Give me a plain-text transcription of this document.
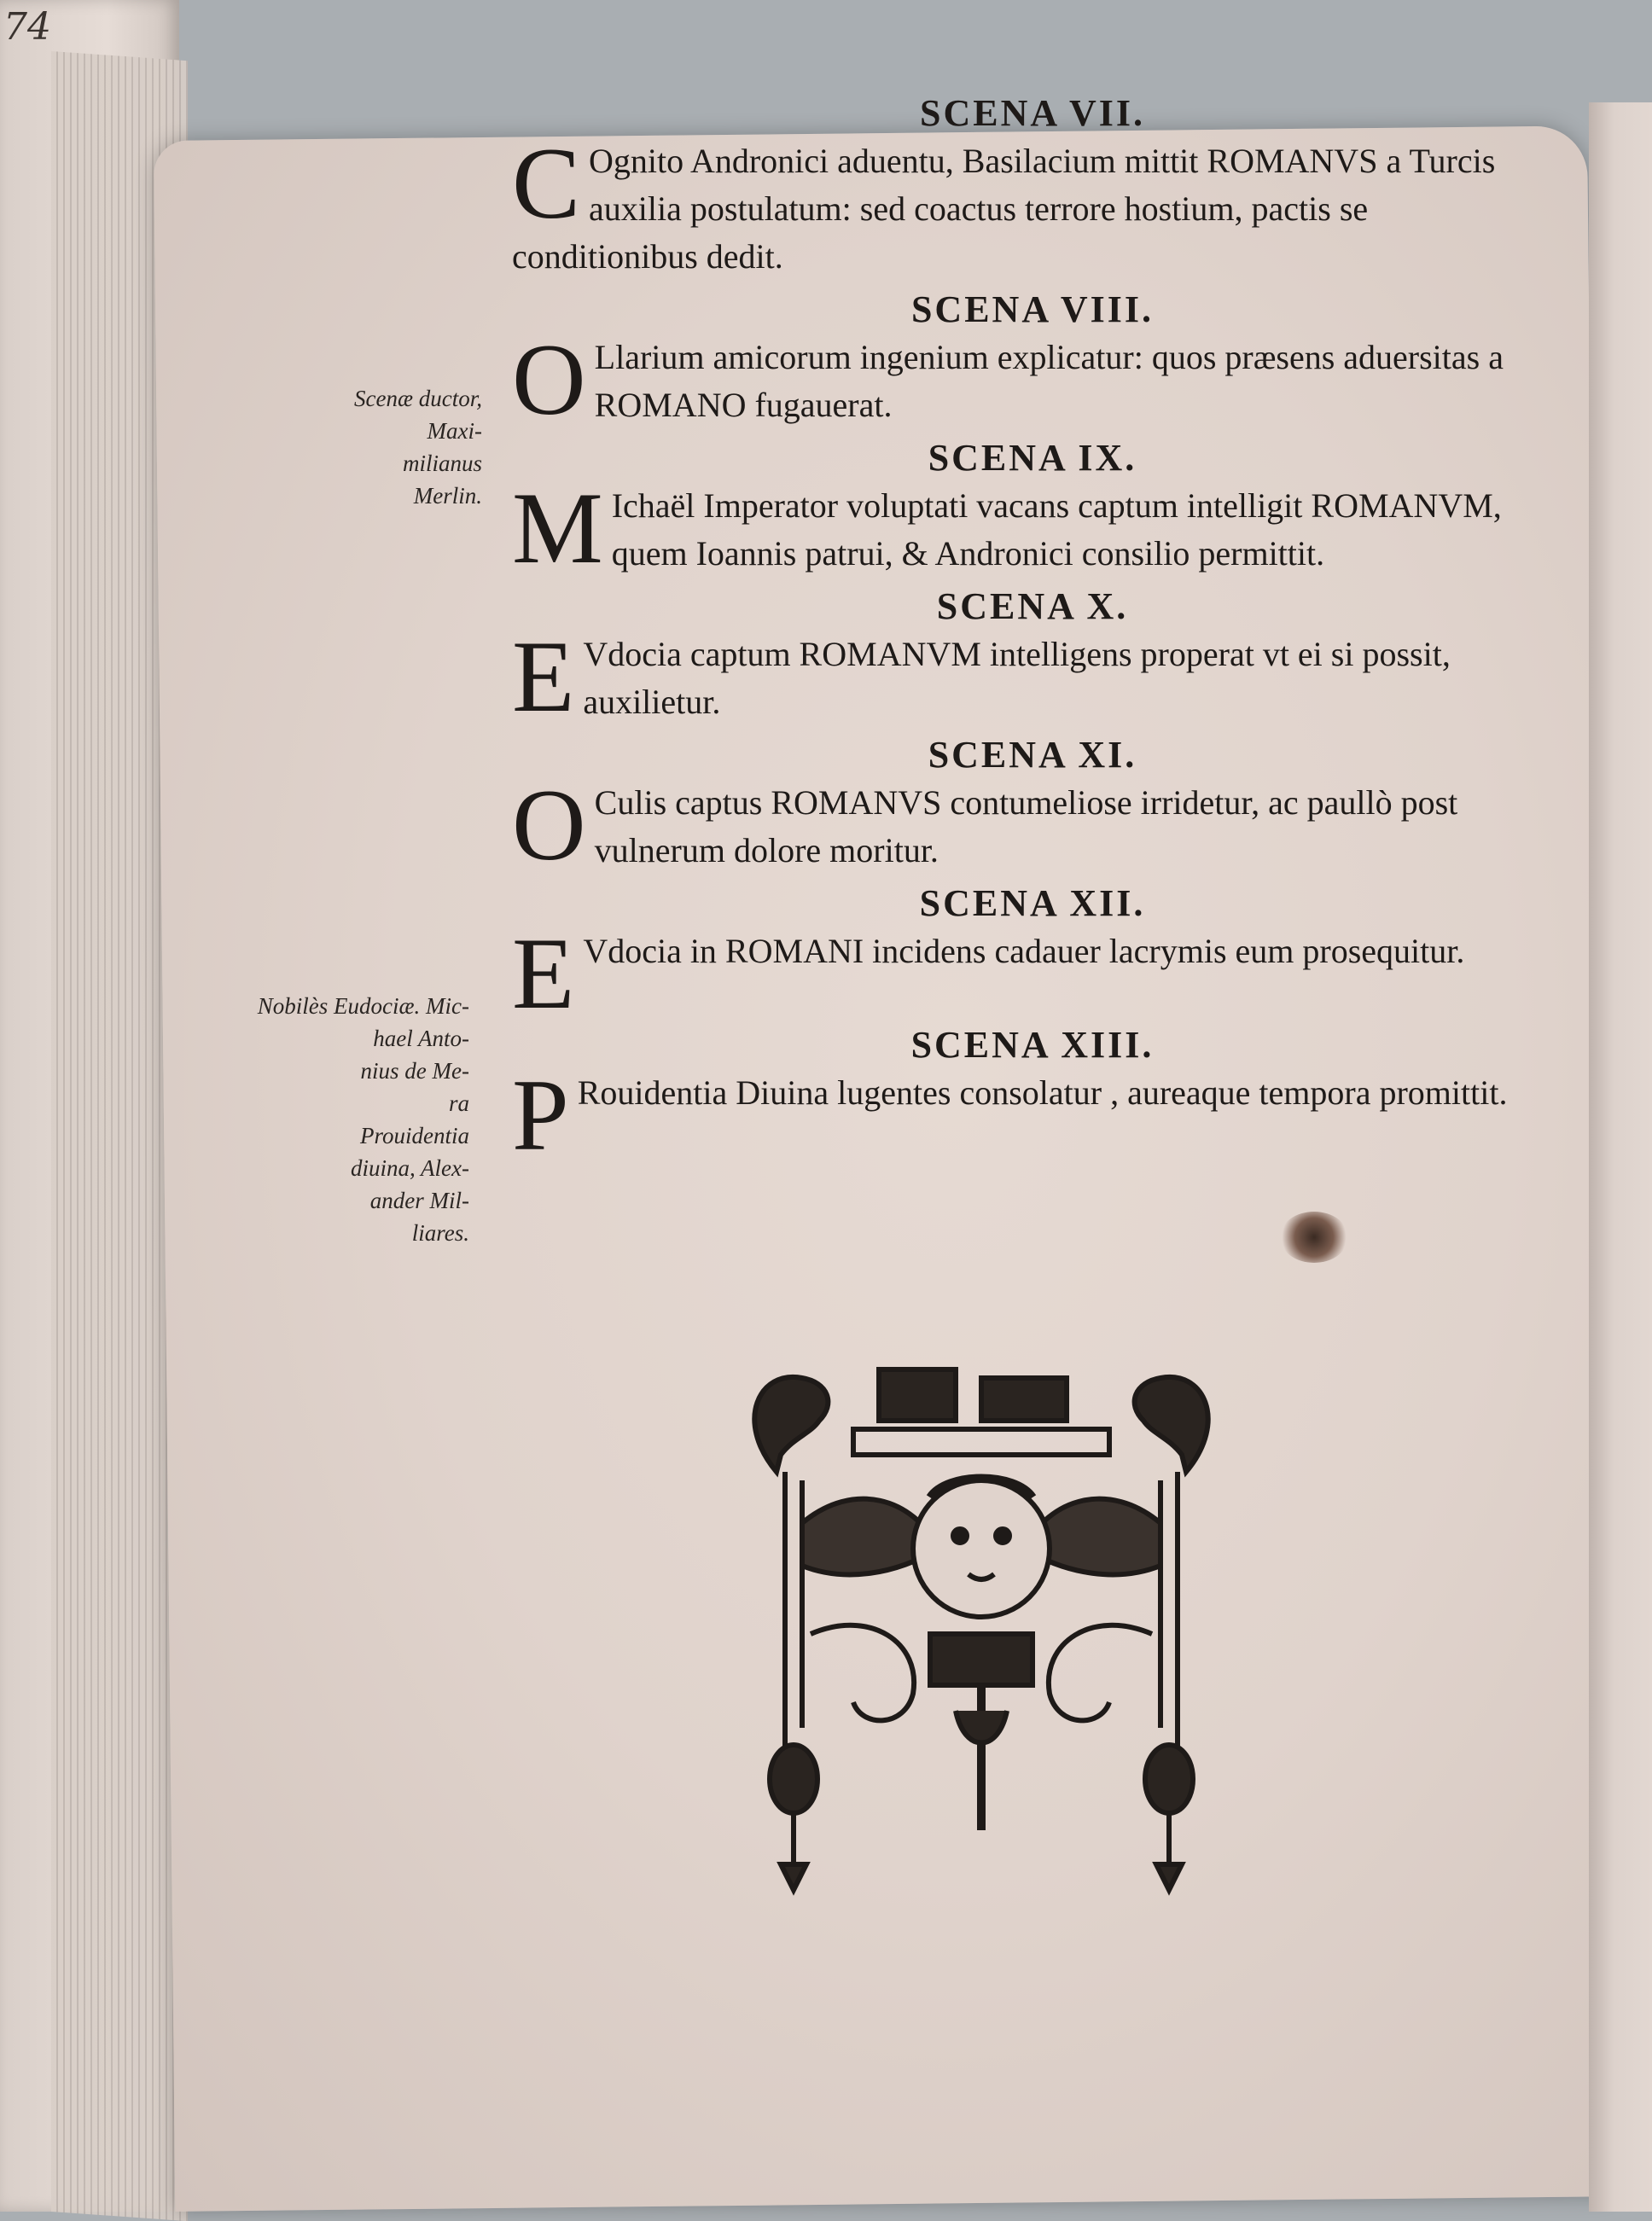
74
SCENA VII.
C Ognito Andronici aduentu, Basilacium mittit ROMANVS a Turcis auxilia postulatum: sed coactus terrore hostium, pactis se conditionibus dedit.
SCENA VIII.
O Llarium amicorum ingenium explicatur: quos præsens aduersitas a ROMANO fugauerat.
SCENA IX.
M Ichaël Imperator voluptati vacans captum intelligit ROMANVM, quem Ioannis patrui, & Andronici consilio permittit.
SCENA X.
E Vdocia captum ROMANVM intelligens properat vt ei si possit, auxilietur.
SCENA XI.
O Culis captus ROMANVS contumeliose irridetur, ac paullò post vulnerum dolore moritur.
SCENA XII.
E Vdocia in ROMANI incidens cadauer lacrymis eum prosequitur.
SCENA XIII.
P Rouidentia Diuina lugentes consolatur , aureaque tempora promittit.
Scenæ ductor, Maxi-
milianus
Merlin.
Nobilès Eudociæ. Mic-
hael Anto-
nius de Me-
ra
Prouidentia
diuina, Alex-
ander Mil-
liares.
